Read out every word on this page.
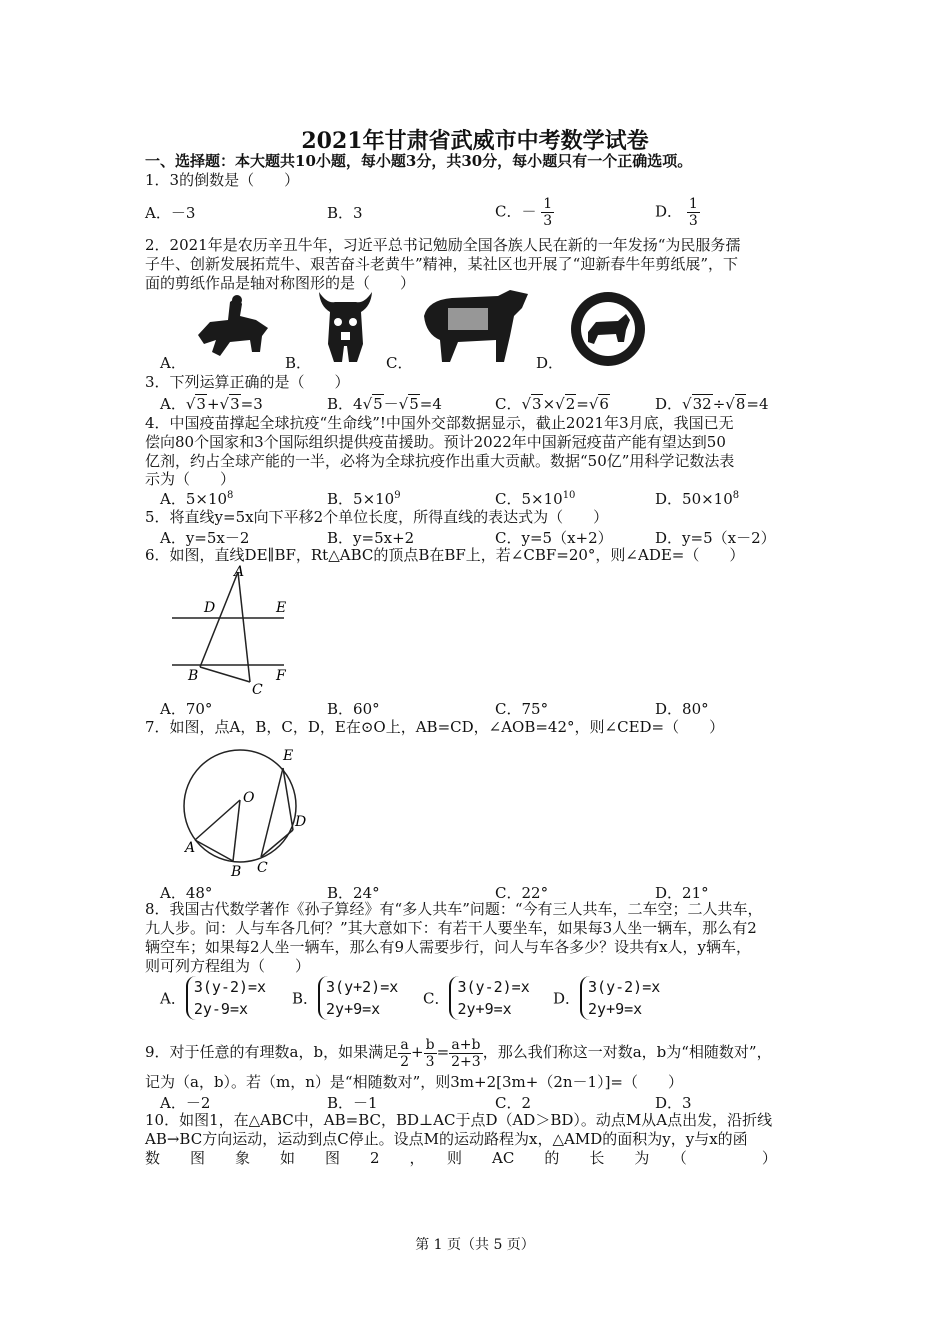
2021年甘肃省武威市中考数学试卷
一、选择题：本大题共10小题，每小题3分，共30分，每小题只有一个正确选项。
1．3的倒数是（　　）
A．－3	B．3	C．－ $\frac{1}{3}$	D． $\frac{1}{3}$
2．2021年是农历辛丑牛年，习近平总书记勉励全国各族人民在新的一年发扬“为民服务孺
子牛、创新发展拓荒牛、艰苦奋斗老黄牛”精神，某社区也开展了“迎新春牛年剪纸展”，下
面的剪纸作品是轴对称图形的是（　　）
A．	B．	C．	D．
3．下列运算正确的是（　　）
A．√3+√3=3	B．4√5－√5=4	C．√3×√2=√6	D．√32÷√8=4
4．中国疫苗撑起全球抗疫“生命线”!中国外交部数据显示，截止2021年3月底，我国已无
偿向80个国家和3个国际组织提供疫苗援助。预计2022年中国新冠疫苗产能有望达到50
亿剂，约占全球产能的一半，必将为全球抗疫作出重大贡献。数据“50亿”用科学记数法表
示为（　　）
A．$5\times 10^8$	B．$5\times 10^9$	C．$5\times 10^{10}$	D．$50\times 10^8$
5．将直线y=5x向下平移2个单位长度，所得直线的表达式为（　　）
A．y=5x－2	B．y=5x+2	C．y=5（x+2）	D．y=5（x－2）
6．如图，直线DE∥BF，Rt△ABC的顶点B在BF上，若∠CBF=20°，则∠ADE=（　　）
A
D	E
B
C
F
A．70°	B．60°	C．75°	D．80°
7．如图，点A，B，C，D，E在⊙O上，AB=CD，∠AOB=42°，则∠CED=（　　）
E
O
D
A
B C
A．48°	B．24°	C．22°	D．21°
8．我国古代数学著作《孙子算经》有“多人共车”问题：“今有三人共车，二车空；二人共车，
九人步。问：人与车各几何？”其大意如下：有若干人要坐车，如果每3人坐一辆车，那么有2
辆空车；如果每2人坐一辆车，那么有9人需要步行，问人与车各多少？设共有x人，y辆车，
则可列方程组为（　　）
A．
3(y-2)=x
2y-9=x
B．
3(y+2)=x
2y+9=x
C．
3(y-2)=x
2y+9=x
D．
3(y-2)=x
2y+9=x
9．对于任意的有理数a，b，如果满足 $\frac{a}{2} + \frac{b}{3} = \frac{a+b}{2+3}$ ，那么我们称这一对数a，b为“相随数对”，
记为（a，b）。若（m，n）是“相随数对”，则3m+2[3m+（2n－1）]=（　　）
A．－2	B．－1	C．2	D．3
10．如图1，在△ABC中，AB=BC，BD⊥AC于点D（AD＞BD）。动点M从A点出发，沿折线
AB→BC方向运动，运动到点C停止。设点M的运动路程为x，△AMD的面积为y，y与x的函
数　　图　　象　　如　　图　　2　　，　　则　　AC　　的　　长　　为　　（　　　　　）
第 1 页（共 5 页）
